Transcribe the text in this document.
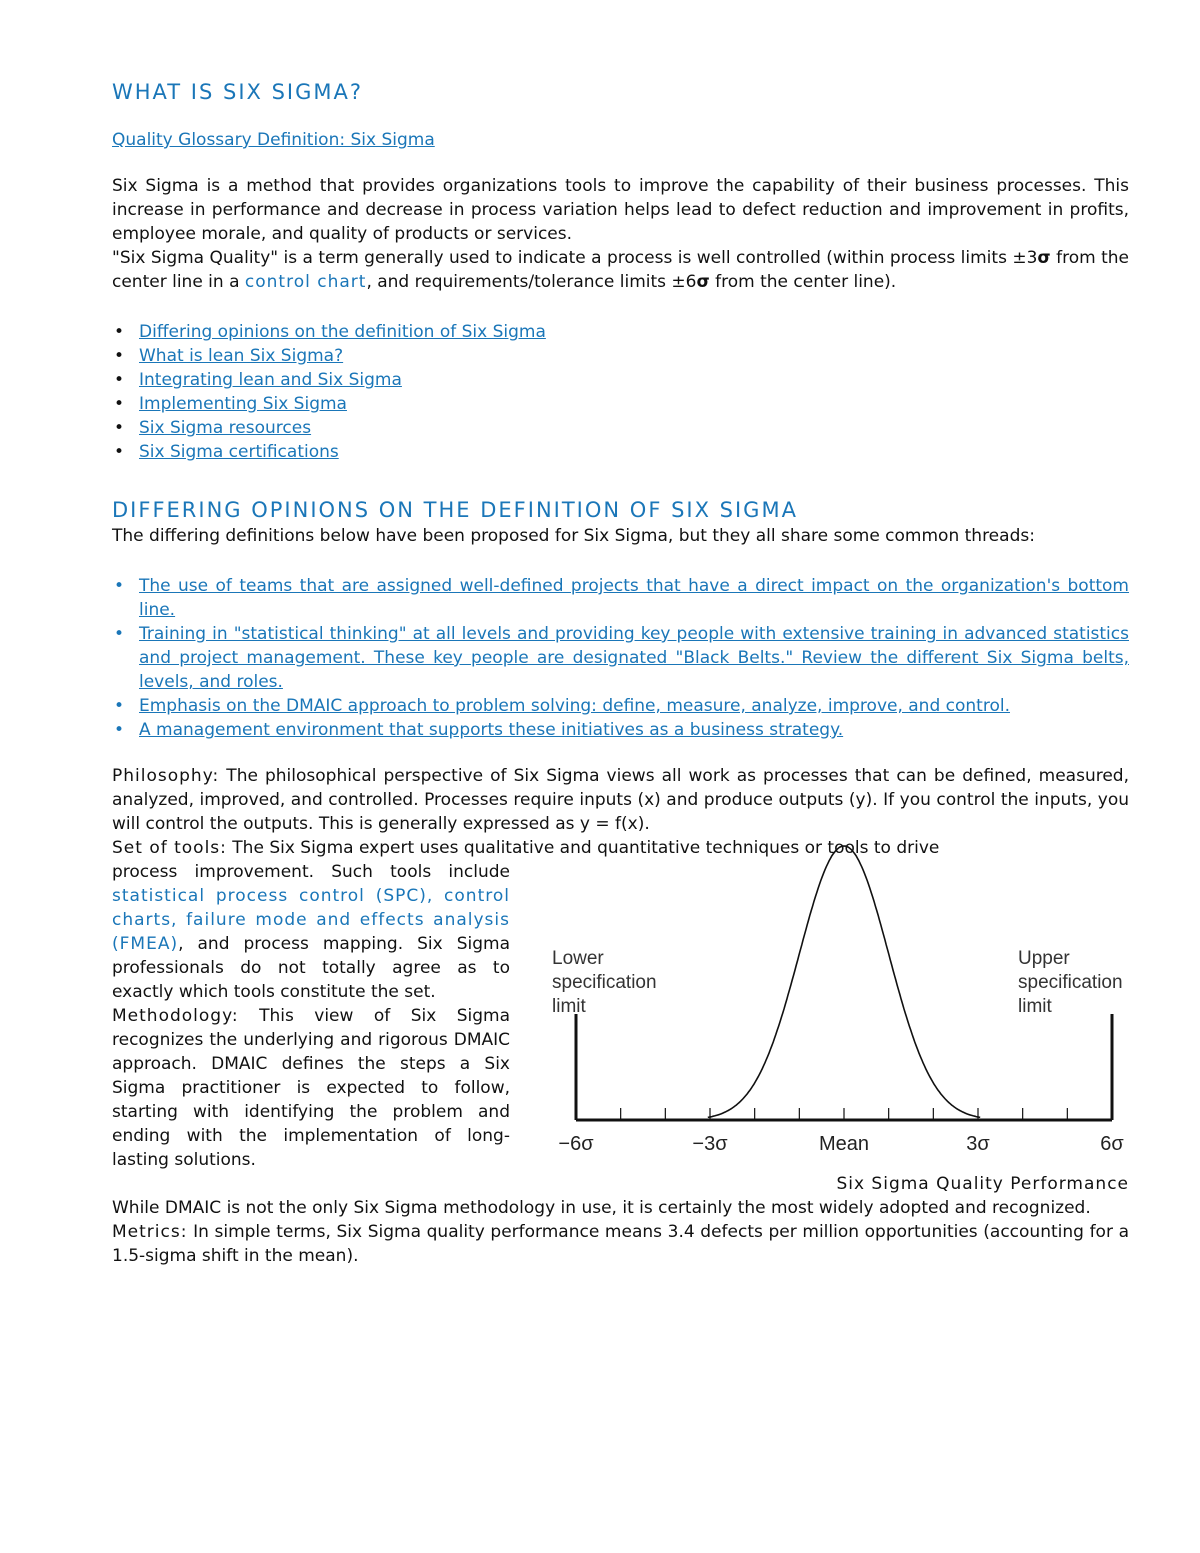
WHAT IS SIX SIGMA?

Quality Glossary Definition: Six Sigma

Six Sigma is a method that provides organizations tools to improve the capability of their business processes. This increase in performance and decrease in process variation helps lead to defect reduction and improvement in profits, employee morale, and quality of products or services.

"Six Sigma Quality" is a term generally used to indicate a process is well controlled (within process limits ±3σ from the center line in a control chart, and requirements/tolerance limits ±6σ from the center line).

• Differing opinions on the definition of Six Sigma
• What is lean Six Sigma?
• Integrating lean and Six Sigma
• Implementing Six Sigma
• Six Sigma resources
• Six Sigma certifications
DIFFERING OPINIONS ON THE DEFINITION OF SIX SIGMA

The differing definitions below have been proposed for Six Sigma, but they all share some common threads:

• The use of teams that are assigned well-defined projects that have a direct impact on the organization's bottom line.
• Training in "statistical thinking" at all levels and providing key people with extensive training in advanced statistics and project management. These key people are designated "Black Belts." Review the different Six Sigma belts, levels, and roles.
• Emphasis on the DMAIC approach to problem solving: define, measure, analyze, improve, and control.
• A management environment that supports these initiatives as a business strategy.

Philosophy: The philosophical perspective of Six Sigma views all work as processes that can be defined, measured, analyzed, improved, and controlled. Processes require inputs (x) and produce outputs (y). If you control the inputs, you will control the outputs. This is generally expressed as y = f(x).

Set of tools: The Six Sigma expert uses qualitative and quantitative techniques or tools to drive

process improvement. Such tools include statistical process control (SPC), control charts, failure mode and effects analysis (FMEA), and process mapping. Six Sigma professionals do not totally agree as to exactly which tools constitute the set.

Methodology: This view of Six Sigma recognizes the underlying and rigorous DMAIC approach. DMAIC defines the steps a Six Sigma practitioner is expected to follow, starting with identifying the problem and ending with the implementation of long-lasting solutions.

−6σ	−3σ	Mean	3σ	6σ
Lower
specification
limit
Upper
specification
limit

Six Sigma Quality Performance

While DMAIC is not the only Six Sigma methodology in use, it is certainly the most widely adopted and recognized.

Metrics: In simple terms, Six Sigma quality performance means 3.4 defects per million opportunities (accounting for a 1.5-sigma shift in the mean).
